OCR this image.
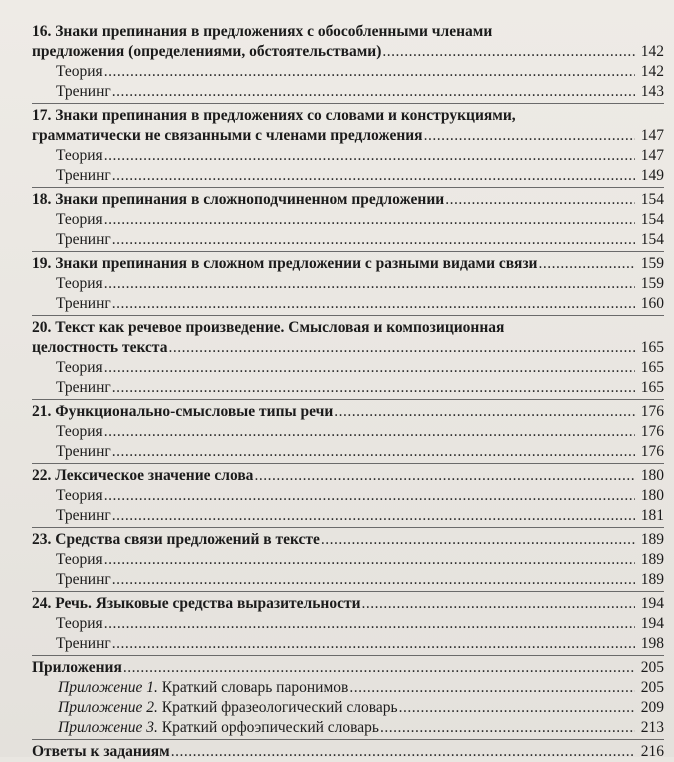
16. Знаки препинания в предложениях с обособленными членами
предложения (определениями, обстоятельствами) .....	142
Теория .....	142
Тренинг .....	143
17. Знаки препинания в предложениях со словами и конструкциями,
грамматически не связанными с членами предложения .....	147
Теория .....	147
Тренинг .....	149
18. Знаки препинания в сложноподчиненном предложении .....	154
Теория .....	154
Тренинг .....	154
19. Знаки препинания в сложном предложении с разными видами связи .....	159
Теория .....	159
Тренинг .....	160
20. Текст как речевое произведение. Смысловая и композиционная
целостность текста .....	165
Теория .....	165
Тренинг .....	165
21. Функционально-смысловые типы речи .....	176
Теория .....	176
Тренинг .....	176
22. Лексическое значение слова .....	180
Теория .....	180
Тренинг .....	181
23. Средства связи предложений в тексте .....	189
Теория .....	189
Тренинг .....	189
24. Речь. Языковые средства выразительности .....	194
Теория .....	194
Тренинг .....	198
Приложения .....	205
Приложение 1. Краткий словарь паронимов .....	205
Приложение 2. Краткий фразеологический словарь .....	209
Приложение 3. Краткий орфоэпический словарь .....	213
Ответы к заданиям .....	216
